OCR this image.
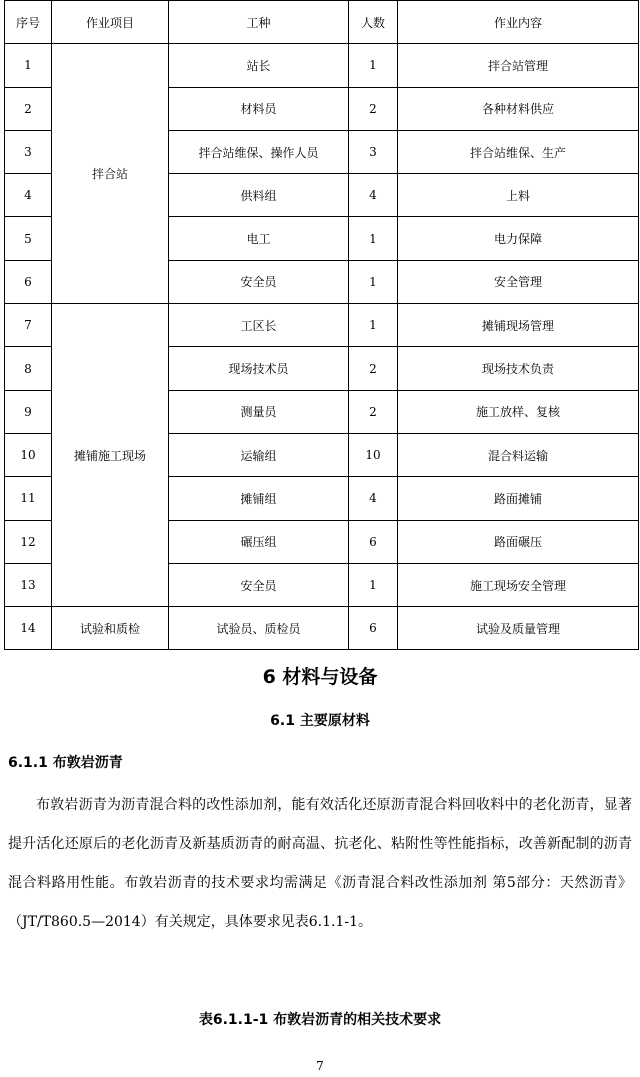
序号	作业项目	工种	人数	作业内容
1	拌合站	站长	1	拌合站管理
2		材料员	2	各种材料供应
3		拌合站维保、操作人员	3	拌合站维保、生产
4		供料组	4	上料
5		电工	1	电力保障
6		安全员	1	安全管理
7	摊铺施工现场	工区长	1	摊铺现场管理
8		现场技术员	2	现场技术负责
9		测量员	2	施工放样、复核
10		运输组	10	混合料运输
11		摊铺组	4	路面摊铺
12		碾压组	6	路面碾压
13		安全员	1	施工现场安全管理
14	试验和质检	试验员、质检员	6	试验及质量管理
6 材料与设备
6.1 主要原材料
6.1.1 布敦岩沥青

布敦岩沥青为沥青混合料的改性添加剂，能有效活化还原沥青混合料回收料中的老化沥青，显著提升活化还原后的老化沥青及新基质沥青的耐高温、抗老化、粘附性等性能指标，改善新配制的沥青混合料路用性能。布敦岩沥青的技术要求均需满足《沥青混合料改性添加剂 第5部分：天然沥青》（JT/T860.5—2014）有关规定，具体要求见表6.1.1-1。

表6.1.1-1 布敦岩沥青的相关技术要求
7
